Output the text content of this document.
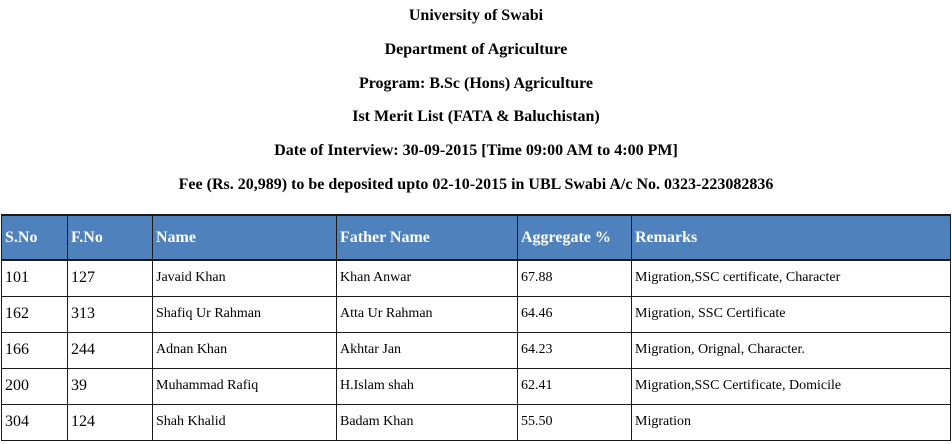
University of Swabi
Department of Agriculture
Program: B.Sc (Hons) Agriculture
Ist Merit List (FATA & Baluchistan)
Date of Interview: 30-09-2015 [Time 09:00 AM to 4:00 PM]
Fee (Rs. 20,989) to be deposited upto 02-10-2015 in UBL Swabi A/c No. 0323-223082836
S.No	F.No	Name	Father Name	Aggregate %	Remarks
101	127	Javaid Khan	Khan Anwar	67.88	Migration,SSC certificate, Character
162	313	Shafiq Ur Rahman	Atta Ur Rahman	64.46	Migration, SSC Certificate
166	244	Adnan Khan	Akhtar Jan	64.23	Migration, Orignal, Character.
200	39	Muhammad Rafiq	H.Islam shah	62.41	Migration,SSC Certificate, Domicile
304	124	Shah Khalid	Badam Khan	55.50	Migration
